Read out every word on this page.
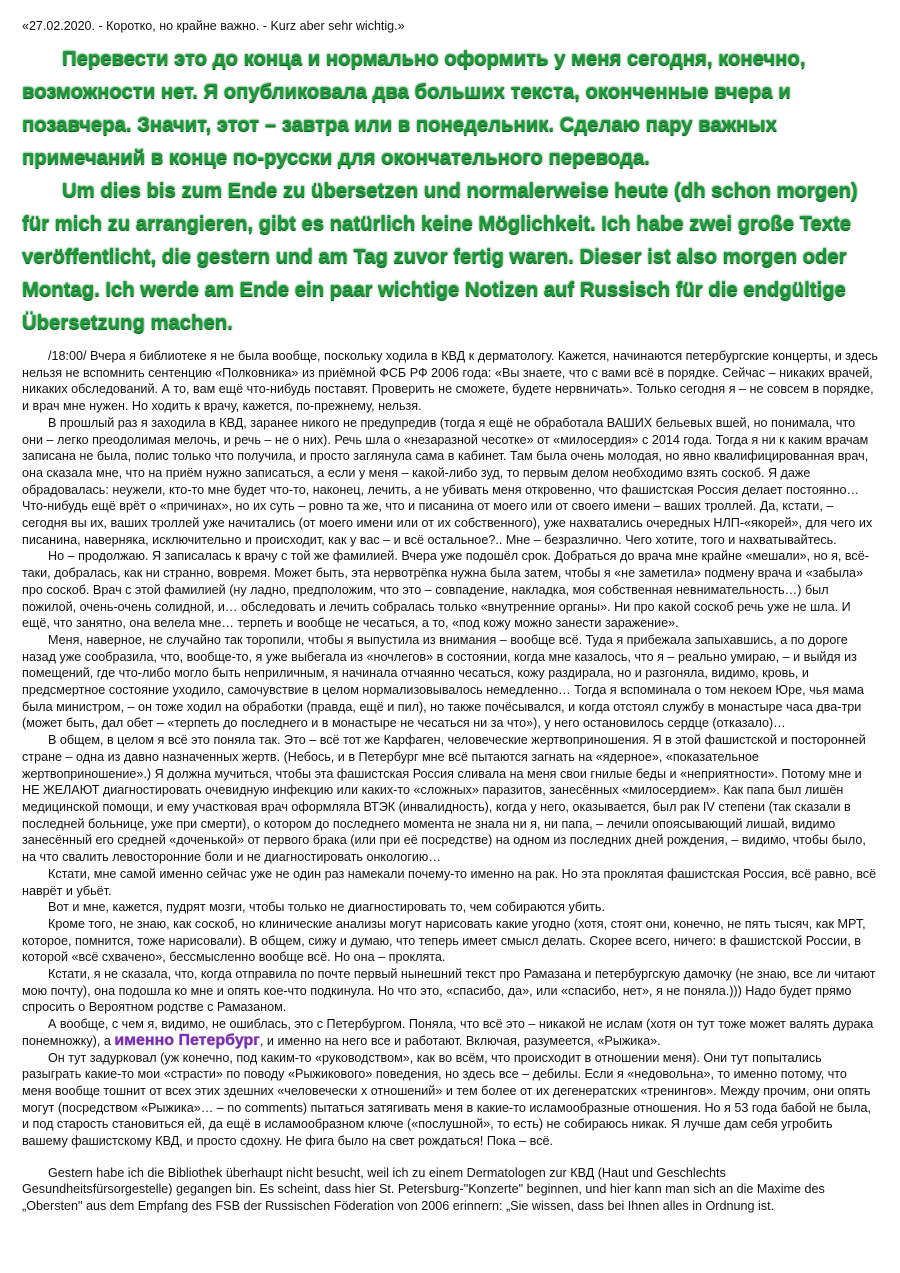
«27.02.2020. - Коротко, но крайне важно. - Kurz aber sehr wichtig.»

Перевести это до конца и нормально оформить у меня сегодня, конечно, возможности нет. Я опубликовала два больших текста, оконченные вчера и позавчера. Значит, этот – завтра или в понедельник. Сделаю пару важных примечаний в конце по-русски для окончательного перевода.

Um dies bis zum Ende zu übersetzen und normalerweise heute (dh schon morgen) für mich zu arrangieren, gibt es natürlich keine Möglichkeit. Ich habe zwei große Texte veröffentlicht, die gestern und am Tag zuvor fertig waren. Dieser ist also morgen oder Montag. Ich werde am Ende ein paar wichtige Notizen auf Russisch für die endgültige Übersetzung machen.

/18:00/ Вчера я библиотеке я не была вообще, поскольку ходила в КВД к дерматологу. Кажется, начинаются петербургские концерты, и здесь нельзя не вспомнить сентенцию «Полковника» из приёмной ФСБ РФ 2006 года: «Вы знаете, что с вами всё в порядке. Сейчас – никаких врачей, никаких обследований. А то, вам ещё что-нибудь поставят. Проверить не сможете, будете нервничать». Только сегодня я – не совсем в порядке, и врач мне нужен. Но ходить к врачу, кажется, по-прежнему, нельзя.

В прошлый раз я заходила в КВД, заранее никого не предупредив (тогда я ещё не обработала ВАШИХ бельевых вшей, но понимала, что они – легко преодолимая мелочь, и речь – не о них). Речь шла о «незаразной чесотке» от «милосердия» с 2014 года. Тогда я ни к каким врачам записана не была, полис только что получила, и просто заглянула сама в кабинет. Там была очень молодая, но явно квалифицированная врач, она сказала мне, что на приём нужно записаться, а если у меня – какой-либо зуд, то первым делом необходимо взять соскоб. Я даже обрадовалась: неужели, кто-то мне будет что-то, наконец, лечить, а не убивать меня откровенно, что фашистская Россия делает постоянно… Что-нибудь ещё врёт о «причинах», но их суть – ровно та же, что и писанина от моего или от своего имени – ваших троллей. Да, кстати, – сегодня вы их, ваших троллей уже начитались (от моего имени или от их собственного), уже нахватались очередных НЛП-«якорей», для чего их писанина, наверняка, исключительно и происходит, как у вас – и всё остальное?.. Мне – безразлично. Чего хотите, того и нахватывайтесь.

Но – продолжаю. Я записалась к врачу с той же фамилией. Вчера уже подошёл срок. Добраться до врача мне крайне «мешали», но я, всё-таки, добралась, как ни странно, вовремя. Может быть, эта нервотрёпка нужна была затем, чтобы я «не заметила» подмену врача и «забыла» про соскоб. Врач с этой фамилией (ну ладно, предположим, что это – совпадение, накладка, моя собственная невнимательность…) был пожилой, очень-очень солидной, и… обследовать и лечить собралась только «внутренние органы». Ни про какой соскоб речь уже не шла. И ещё, что занятно, она велела мне… терпеть и вообще не чесаться, а то, «под кожу можно занести заражение».

Меня, наверное, не случайно так торопили, чтобы я выпустила из внимания – вообще всё. Туда я прибежала запыхавшись, а по дороге назад уже сообразила, что, вообще-то, я уже выбегала из «ночлегов» в состоянии, когда мне казалось, что я – реально умираю, – и выйдя из помещений, где что-либо могло быть неприличным, я начинала отчаянно чесаться, кожу раздирала, но и разгоняла, видимо, кровь, и предсмертное состояние уходило, самочувствие в целом нормализовывалось немедленно… Тогда я вспоминала о том некоем Юре, чья мама была министром, – он тоже ходил на обработки (правда, ещё и пил), но также почёсывался, и когда отстоял службу в монастыре часа два-три (может быть, дал обет – «терпеть до последнего и в монастыре не чесаться ни за что»), у него остановилось сердце (отказало)…

В общем, в целом я всё это поняла так. Это – всё тот же Карфаген, человеческие жертвоприношения. Я в этой фашистской и посторонней стране – одна из давно назначенных жертв. (Небось, и в Петербург мне всё пытаются загнать на «ядерное», «показательное жертвоприношение».) Я должна мучиться, чтобы эта фашистская Россия сливала на меня свои гнилые беды и «неприятности». Потому мне и НЕ ЖЕЛАЮТ диагностировать очевидную инфекцию или каких-то «сложных» паразитов, занесённых «милосердием». Как папа был лишён медицинской помощи, и ему участковая врач оформляла ВТЭК (инвалидность), когда у него, оказывается, был рак IV степени (так сказали в последней больнице, уже при смерти), о котором до последнего момента не знала ни я, ни папа, – лечили опоясывающий лишай, видимо занесённый его средней «доченькой» от первого брака (или при её посредстве) на одном из последних дней рождения, – видимо, чтобы было, на что свалить левосторонние боли и не диагностировать онкологию…

Кстати, мне самой именно сейчас уже не один раз намекали почему-то именно на рак. Но эта проклятая фашистская Россия, всё равно, всё наврёт и убьёт.

Вот и мне, кажется, пудрят мозги, чтобы только не диагностировать то, чем собираются убить.

Кроме того, не знаю, как соскоб, но клинические анализы могут нарисовать какие угодно (хотя, стоят они, конечно, не пять тысяч, как МРТ, которое, помнится, тоже нарисовали). В общем, сижу и думаю, что теперь имеет смысл делать. Скорее всего, ничего: в фашистской России, в которой «всё схвачено», бессмысленно вообще всё. Но она – проклята.

Кстати, я не сказала, что, когда отправила по почте первый нынешний текст про Рамазана и петербургскую дамочку (не знаю, все ли читают мою почту), она подошла ко мне и опять кое-что подкинула. Но что это, «спасибо, да», или «спасибо, нет», я не поняла.))) Надо будет прямо спросить о Вероятном родстве с Рамазаном.

А вообще, с чем я, видимо, не ошиблась, это с Петербургом. Поняла, что всё это – никакой не ислам (хотя он тут тоже может валять дурака понемножку), а именно Петербург, и именно на него все и работают. Включая, разумеется, «Рыжика».

Он тут задурковал (уж конечно, под каким-то «руководством», как во всём, что происходит в отношении меня). Они тут попытались разыграть какие-то мои «страсти» по поводу «Рыжикового» поведения, но здесь все – дебилы. Если я «недовольна», то именно потому, что меня вообще тошнит от всех этих здешних «человечески х отношений» и тем более от их дегенератских «тренингов». Между прочим, они опять могут (посредством «Рыжика»… – no comments) пытаться затягивать меня в какие-то исламообразные отношения. Но я 53 года бабой не была, и под старость становиться ей, да ещё в исламообразном ключе («послушной», то есть) не собираюсь никак. Я лучше дам себя угробить вашему фашистскому КВД, и просто сдохну. Не фига было на свет рождаться! Пока – всё.

Gestern habe ich die Bibliothek überhaupt nicht besucht, weil ich zu einem Dermatologen zur КВД (Haut und Geschlechts Gesundheitsfürsorgestelle) gegangen bin. Es scheint, dass hier St. Petersburg-"Konzerte" beginnen, und hier kann man sich an die Maxime des „Obersten" aus dem Empfang des FSB der Russischen Föderation von 2006 erinnern: „Sie wissen, dass bei Ihnen alles in Ordnung ist.
